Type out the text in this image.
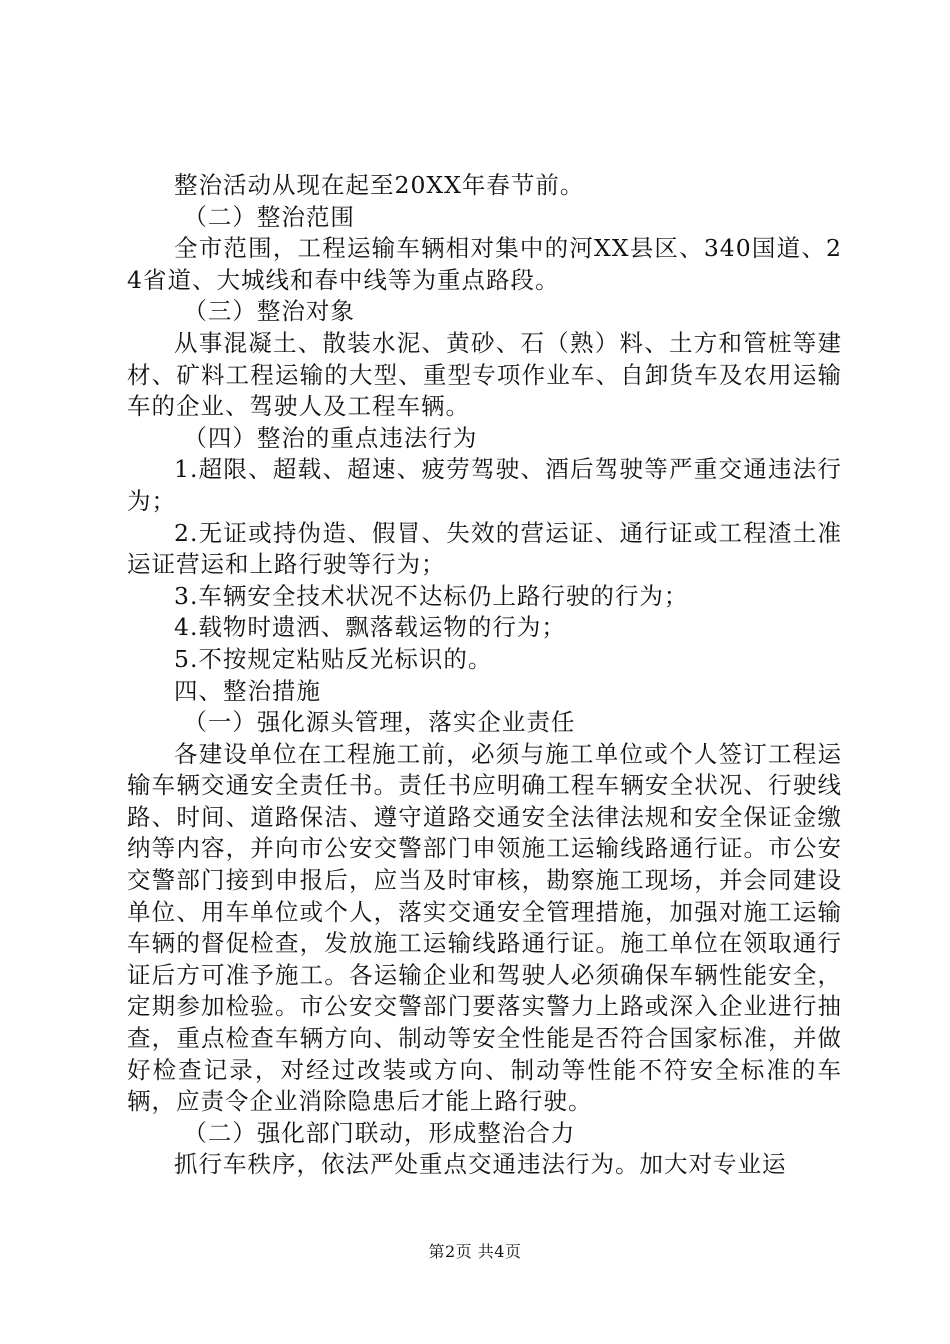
整治活动从现在起至20XX年春节前。

（二）整治范围

全市范围，工程运输车辆相对集中的河XX县区、340国道、24省道、大城线和春中线等为重点路段。

（三）整治对象

从事混凝土、散装水泥、黄砂、石（熟）料、土方和管桩等建材、矿料工程运输的大型、重型专项作业车、自卸货车及农用运输车的企业、驾驶人及工程车辆。

（四）整治的重点违法行为

1.超限、超载、超速、疲劳驾驶、酒后驾驶等严重交通违法行为；

2.无证或持伪造、假冒、失效的营运证、通行证或工程渣土准运证营运和上路行驶等行为；

3.车辆安全技术状况不达标仍上路行驶的行为；

4.载物时遗洒、飘落载运物的行为；

5.不按规定粘贴反光标识的。

四、整治措施

（一）强化源头管理，落实企业责任

各建设单位在工程施工前，必须与施工单位或个人签订工程运输车辆交通安全责任书。责任书应明确工程车辆安全状况、行驶线路、时间、道路保洁、遵守道路交通安全法律法规和安全保证金缴纳等内容，并向市公安交警部门申领施工运输线路通行证。市公安交警部门接到申报后，应当及时审核，勘察施工现场，并会同建设单位、用车单位或个人，落实交通安全管理措施，加强对施工运输车辆的督促检查，发放施工运输线路通行证。施工单位在领取通行证后方可准予施工。各运输企业和驾驶人必须确保车辆性能安全，定期参加检验。市公安交警部门要落实警力上路或深入企业进行抽查，重点检查车辆方向、制动等安全性能是否符合国家标准，并做好检查记录，对经过改装或方向、制动等性能不符安全标准的车辆，应责令企业消除隐患后才能上路行驶。

（二）强化部门联动，形成整治合力

抓行车秩序，依法严处重点交通违法行为。加大对专业运

第2页 共4页
